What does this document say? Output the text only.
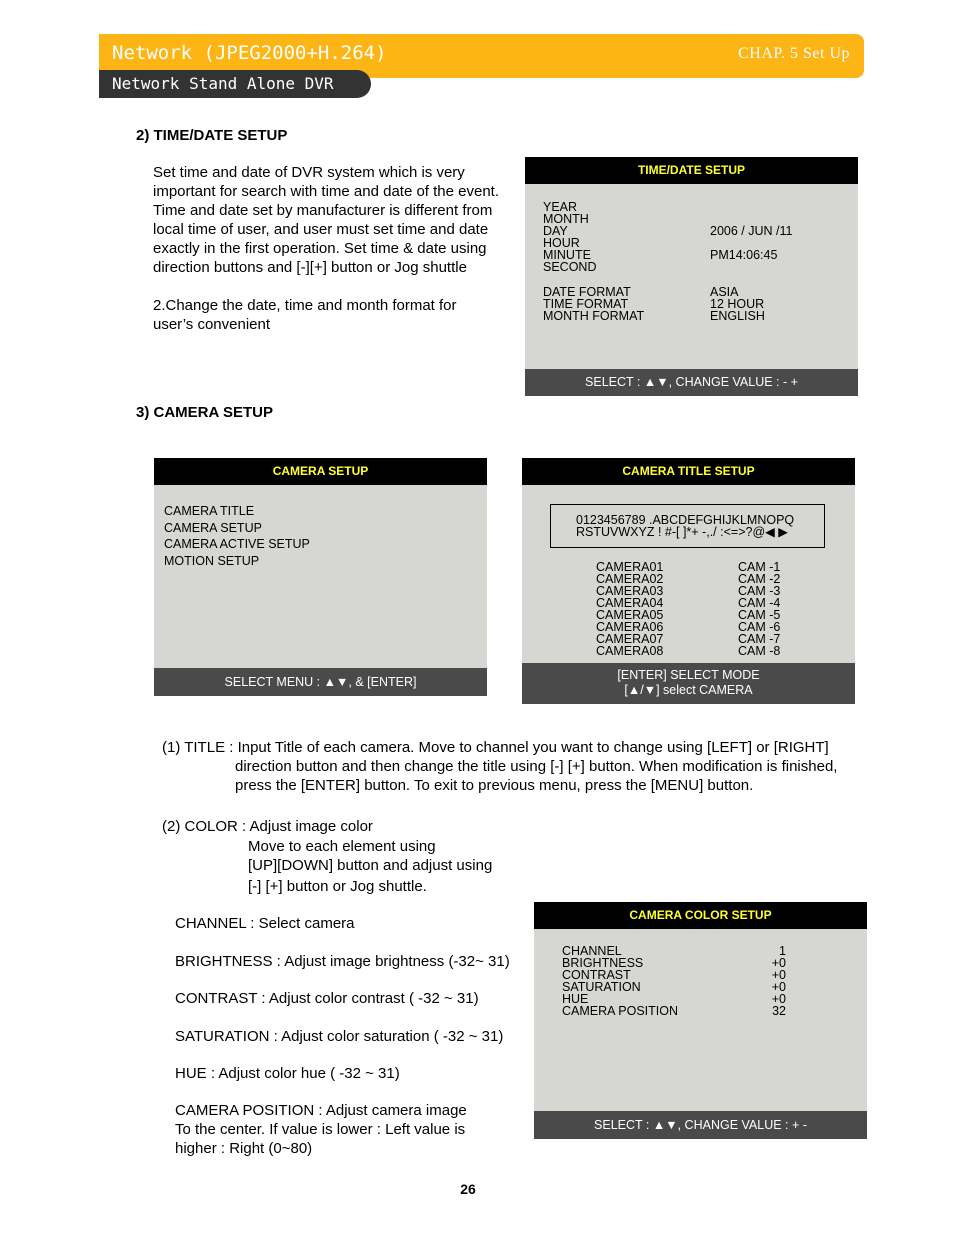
Network (JPEG2000+H.264)	CHAP. 5 Set Up
Network Stand Alone DVR
2) TIME/DATE SETUP
Set time and date of DVR system which is very
important for search with time and date of the event.
Time and date set by manufacturer is different from
local time of user, and user must set time and date
exactly in the first operation. Set time & date using
direction buttons and [-][+] button or Jog shuttle
2.Change the date, time and month format for
user’s convenient
TIME/DATE SETUP
YEAR
MONTH
DAY
HOUR
MINUTE
SECOND
2006 / JUN /11
PM14:06:45
DATE FORMAT
TIME FORMAT
MONTH FORMAT
ASIA
12 HOUR
ENGLISH
SELECT : ▲▼, CHANGE VALUE : - +
3) CAMERA SETUP
CAMERA SETUP
CAMERA TITLE
CAMERA SETUP
CAMERA ACTIVE SETUP
MOTION SETUP
SELECT MENU : ▲▼, & [ENTER]
CAMERA TITLE SETUP
0123456789 .ABCDEFGHIJKLMNOPQ
RSTUVWXYZ ! #-[ ]*+ -,./ :<=>?@◀ ▶
CAMERA01
CAMERA02
CAMERA03
CAMERA04
CAMERA05
CAMERA06
CAMERA07
CAMERA08
CAM -1
CAM -2
CAM -3
CAM -4
CAM -5
CAM -6
CAM -7
CAM -8
[ENTER] SELECT MODE
[▲/▼] select CAMERA
(1) TITLE : Input Title of each camera. Move to channel you want to change using [LEFT] or [RIGHT]
direction button and then change the title using [-] [+] button. When modification is finished,
press the [ENTER] button. To exit to previous menu, press the [MENU] button.
(2) COLOR : Adjust image color
Move to each element using
[UP][DOWN] button and adjust using
[-] [+] button or Jog shuttle.
CHANNEL : Select camera
BRIGHTNESS : Adjust image brightness (-32~ 31)
CONTRAST : Adjust color contrast ( -32 ~ 31)
SATURATION : Adjust color saturation ( -32 ~ 31)
HUE : Adjust color hue ( -32 ~ 31)
CAMERA POSITION : Adjust camera image
To the center. If value is lower : Left value is
higher : Right (0~80)
CAMERA COLOR SETUP
CHANNEL
BRIGHTNESS
CONTRAST
SATURATION
HUE
CAMERA POSITION
1
+0
+0
+0
+0
32
SELECT : ▲▼, CHANGE VALUE : + -
26
